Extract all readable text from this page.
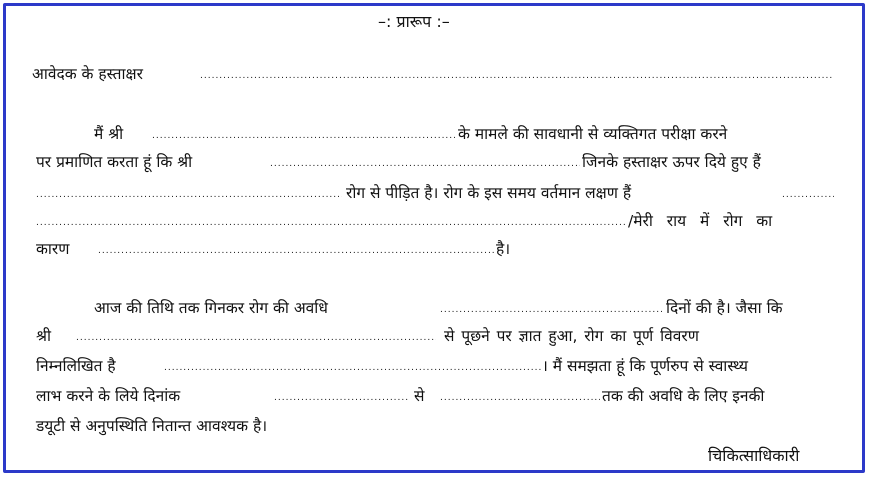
–: प्रारूप :–
आवेदक के हस्ताक्षर
.....
मैं श्री .....	के मामले की सावधानी से व्यक्तिगत परीक्षा करने
पर प्रमाणित करता हूं कि श्री .....	जिनके हस्ताक्षर ऊपर दिये हुए हैं
.....
रोग से पीड़ित है। रोग के इस समय वर्तमान लक्षण हैं
.....
.....
/मेरी राय में रोग का
कारण .....	है।
आज की तिथि तक गिनकर रोग की अवधि .....	दिनों की है। जैसा कि
श्री .....	से पूछने पर ज्ञात हुआ, रोग का पूर्ण विवरण
निम्नलिखित है .....	। मैं समझता हूं कि पूर्णरुप से स्वास्थ्य
लाभ करने के लिये दिनांक .....	से .....	तक की अवधि के लिए इनकी
डयूटी से अनुपस्थिति नितान्त आवश्यक है।
चिकित्साधिकारी
